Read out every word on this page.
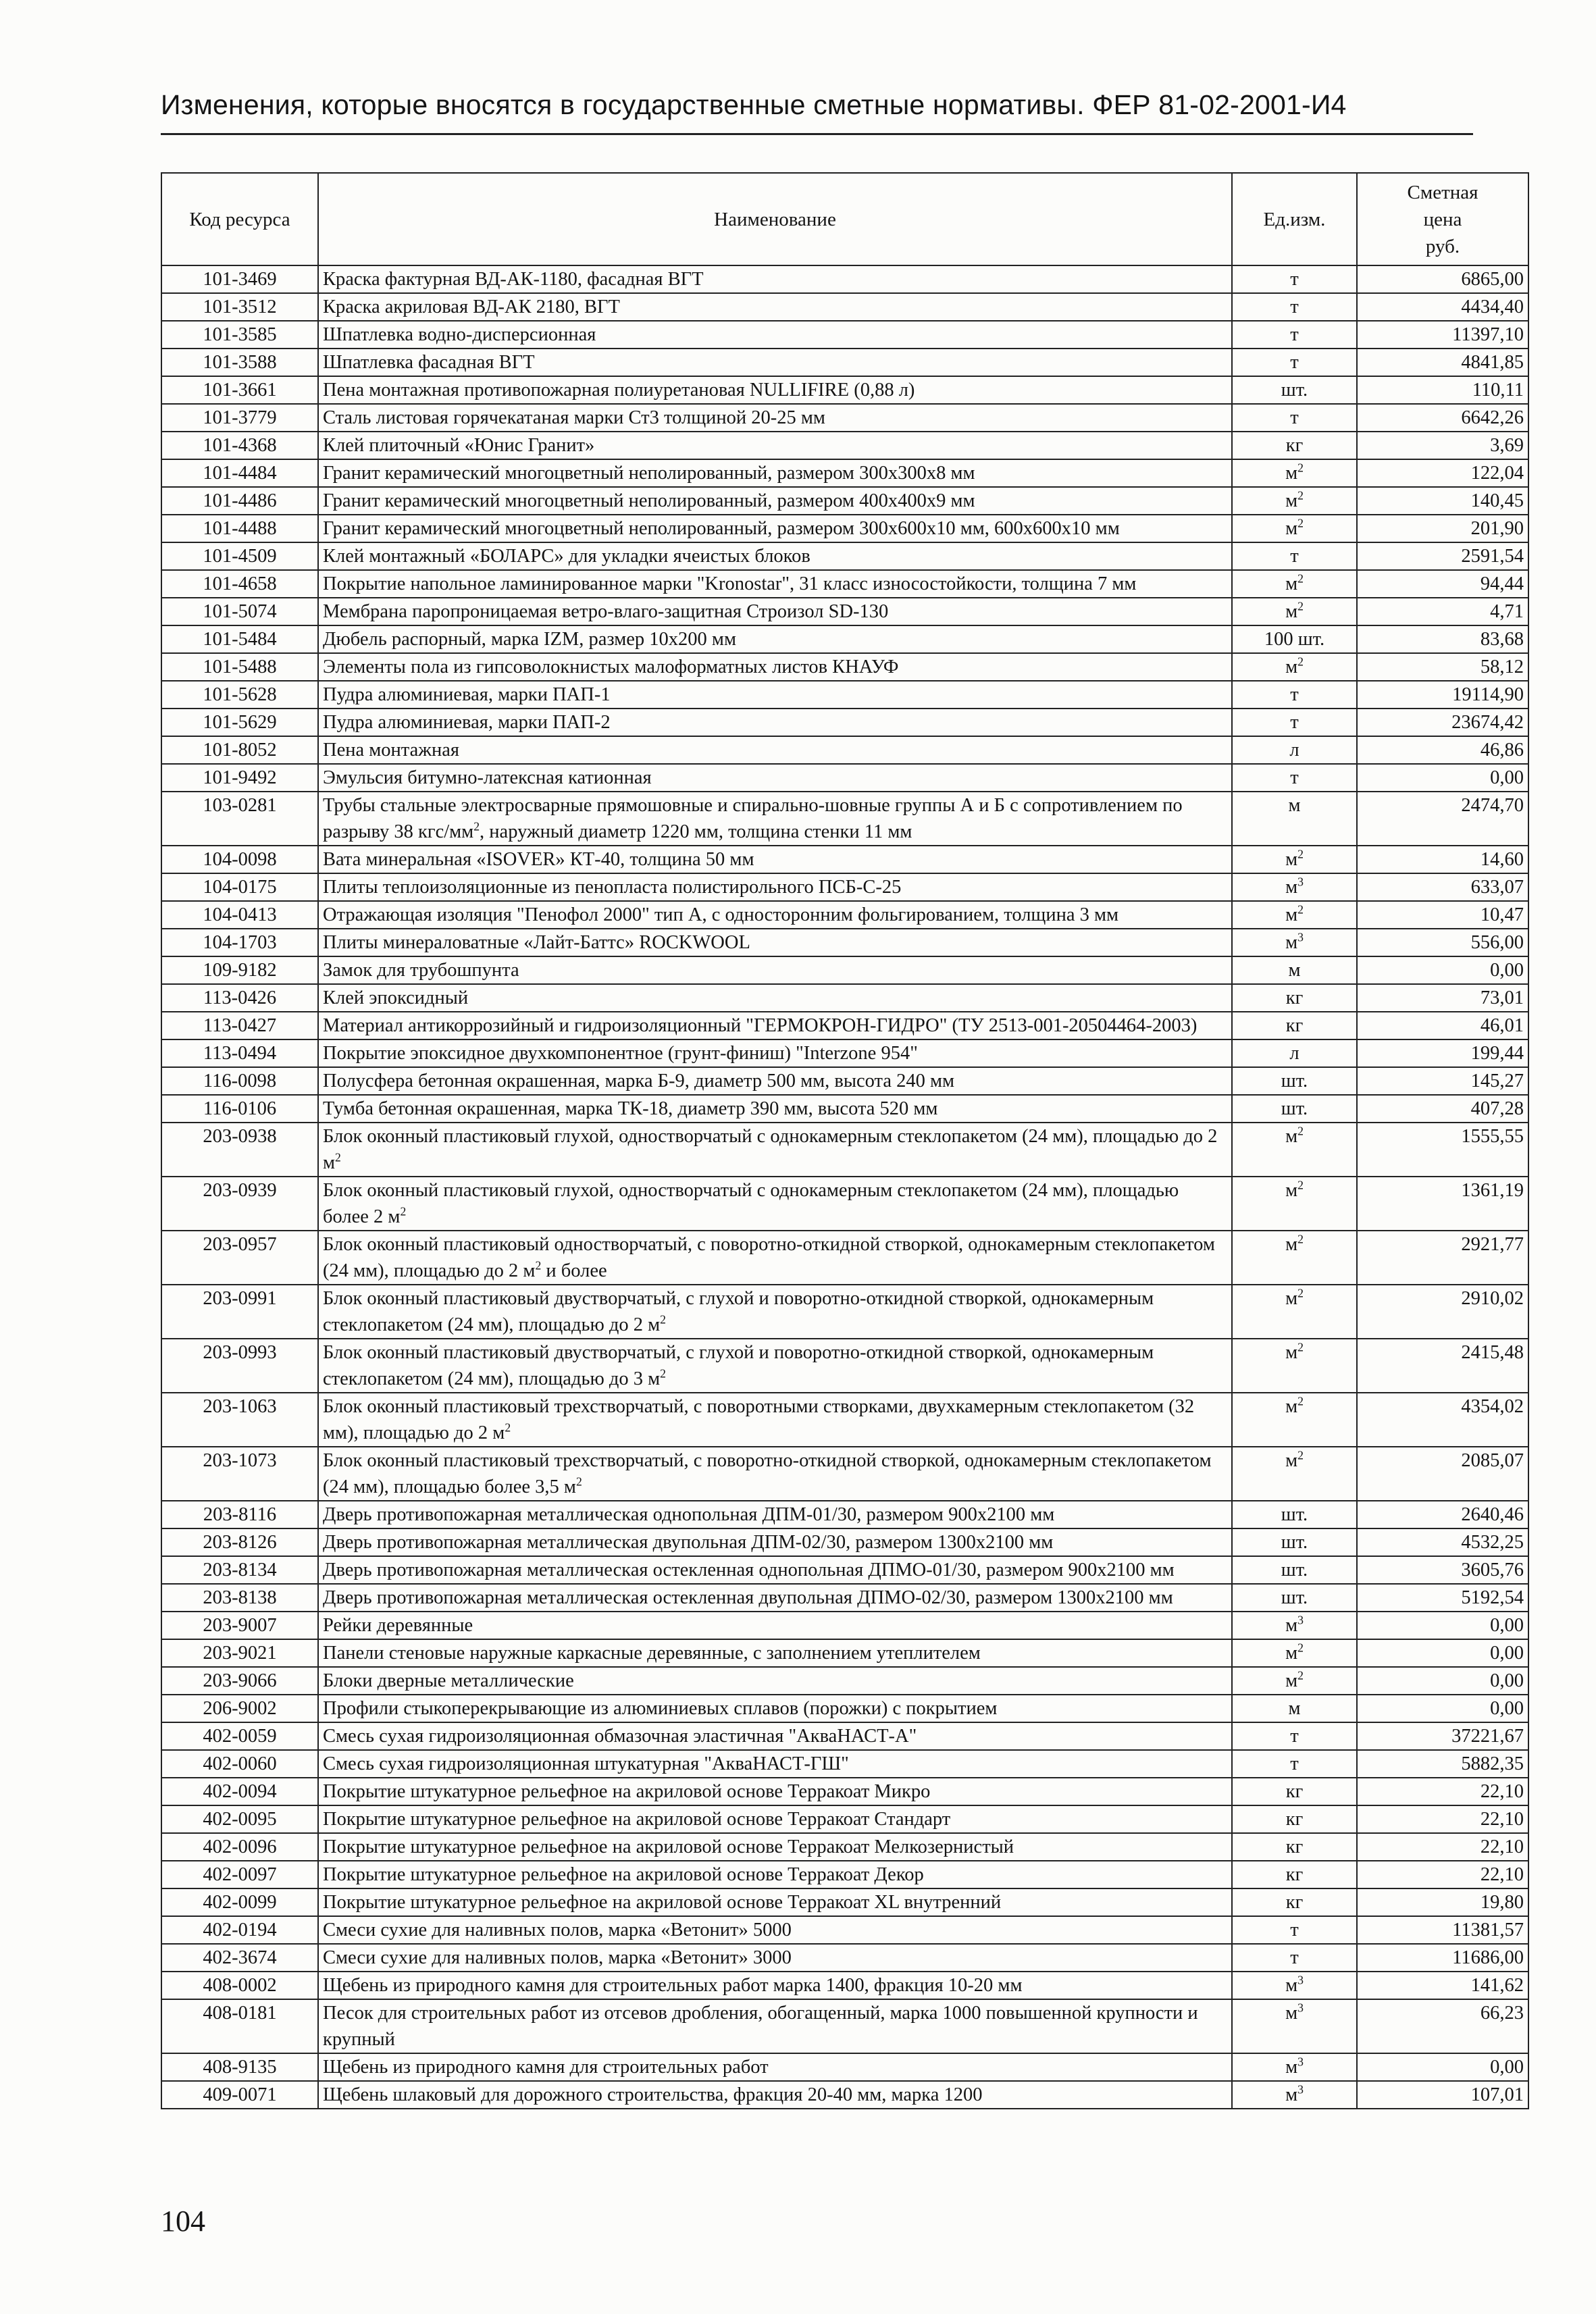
Изменения, которые вносятся в государственные сметные нормативы. ФЕР 81-02-2001-И4
Код ресурса	Наименование	Ед.изм.	Сметная
цена
руб.

101-3469	Краска фактурная ВД-АК-1180, фасадная ВГТ	т	6865,00
101-3512	Краска акриловая ВД-АК 2180, ВГТ	т	4434,40
101-3585	Шпатлевка водно-дисперсионная	т	11397,10
101-3588	Шпатлевка фасадная ВГТ	т	4841,85
101-3661	Пена монтажная противопожарная полиуретановая NULLIFIRE (0,88 л)	шт.	110,11
101-3779	Сталь листовая горячекатаная марки Ст3 толщиной 20-25 мм	т	6642,26
101-4368	Клей плиточный «Юнис Гранит»	кг	3,69
101-4484	Гранит керамический многоцветный неполированный, размером 300х300х8 мм	$м^2$	122,04
101-4486	Гранит керамический многоцветный неполированный, размером 400х400х9 мм	$м^2$	140,45
101-4488	Гранит керамический многоцветный неполированный, размером 300х600х10 мм, 600х600х10 мм	$м^2$	201,90
101-4509	Клей монтажный «БОЛАРС» для укладки ячеистых блоков	т	2591,54
101-4658	Покрытие напольное ламинированное марки "Kronostar", 31 класс износостойкости, толщина 7 мм	$м^2$	94,44
101-5074	Мембрана паропроницаемая ветро-влаго-защитная Строизол SD-130	$м^2$	4,71
101-5484	Дюбель распорный, марка IZM, размер 10х200 мм	100 шт.	83,68
101-5488	Элементы пола из гипсоволокнистых малоформатных листов КНАУФ	$м^2$	58,12
101-5628	Пудра алюминиевая, марки ПАП-1	т	19114,90
101-5629	Пудра алюминиевая, марки ПАП-2	т	23674,42
101-8052	Пена монтажная	л	46,86
101-9492	Эмульсия битумно-латексная катионная	т	0,00
103-0281	Трубы стальные электросварные прямошовные и спирально-шовные группы А и Б с сопротивлением по разрыву 38 кгс/$мм^2$, наружный диаметр 1220 мм, толщина стенки 11 мм	м	2474,70
104-0098	Вата минеральная «ISOVER» КТ-40, толщина 50 мм	$м^2$	14,60
104-0175	Плиты теплоизоляционные из пенопласта полистирольного ПСБ-С-25	$м^3$	633,07
104-0413	Отражающая изоляция "Пенофол 2000" тип А, с односторонним фольгированием, толщина 3 мм	$м^2$	10,47
104-1703	Плиты минераловатные «Лайт-Баттс» ROCKWOOL	$м^3$	556,00
109-9182	Замок для трубошпунта	м	0,00
113-0426	Клей эпоксидный	кг	73,01
113-0427	Материал антикоррозийный и гидроизоляционный "ГЕРМОКРОН-ГИДРО" (ТУ 2513-001-20504464-2003)	кг	46,01
113-0494	Покрытие эпоксидное двухкомпонентное (грунт-финиш) "Interzone 954"	л	199,44
116-0098	Полусфера бетонная окрашенная, марка Б-9, диаметр 500 мм, высота 240 мм	шт.	145,27
116-0106	Тумба бетонная окрашенная, марка ТК-18, диаметр 390 мм, высота 520 мм	шт.	407,28
203-0938	Блок оконный пластиковый глухой, одностворчатый с однокамерным стеклопакетом (24 мм), площадью до 2 $м^2$	$м^2$	1555,55
203-0939	Блок оконный пластиковый глухой, одностворчатый с однокамерным стеклопакетом (24 мм), площадью более 2 $м^2$	$м^2$	1361,19
203-0957	Блок оконный пластиковый одностворчатый, с поворотно-откидной створкой, однокамерным стеклопакетом (24 мм), площадью до 2 $м^2$ и более	$м^2$	2921,77
203-0991	Блок оконный пластиковый двустворчатый, с глухой и поворотно-откидной створкой, однокамерным стеклопакетом (24 мм), площадью до 2 $м^2$	$м^2$	2910,02
203-0993	Блок оконный пластиковый двустворчатый, с глухой и поворотно-откидной створкой, однокамерным стеклопакетом (24 мм), площадью до 3 $м^2$	$м^2$	2415,48
203-1063	Блок оконный пластиковый трехстворчатый, с поворотными створками, двухкамерным стеклопакетом (32 мм), площадью до 2 $м^2$	$м^2$	4354,02
203-1073	Блок оконный пластиковый трехстворчатый, с поворотно-откидной створкой, однокамерным стеклопакетом (24 мм), площадью более 3,5 $м^2$	$м^2$	2085,07
203-8116	Дверь противопожарная металлическая однопольная ДПМ-01/30, размером 900х2100 мм	шт.	2640,46
203-8126	Дверь противопожарная металлическая двупольная ДПМ-02/30, размером 1300х2100 мм	шт.	4532,25
203-8134	Дверь противопожарная металлическая остекленная однопольная ДПМО-01/30, размером 900х2100 мм	шт.	3605,76
203-8138	Дверь противопожарная металлическая остекленная двупольная ДПМО-02/30, размером 1300х2100 мм	шт.	5192,54
203-9007	Рейки деревянные	$м^3$	0,00
203-9021	Панели стеновые наружные каркасные деревянные, с заполнением утеплителем	$м^2$	0,00
203-9066	Блоки дверные металлические	$м^2$	0,00
206-9002	Профили стыкоперекрывающие из алюминиевых сплавов (порожки) с покрытием	м	0,00
402-0059	Смесь сухая гидроизоляционная обмазочная эластичная "АкваНАСТ-А"	т	37221,67
402-0060	Смесь сухая гидроизоляционная штукатурная "АкваНАСТ-ГШ"	т	5882,35
402-0094	Покрытие штукатурное рельефное на акриловой основе Терракоат Микро	кг	22,10
402-0095	Покрытие штукатурное рельефное на акриловой основе Терракоат Стандарт	кг	22,10
402-0096	Покрытие штукатурное рельефное на акриловой основе Терракоат Мелкозернистый	кг	22,10
402-0097	Покрытие штукатурное рельефное на акриловой основе Терракоат Декор	кг	22,10
402-0099	Покрытие штукатурное рельефное на акриловой основе Терракоат XL внутренний	кг	19,80
402-0194	Смеси сухие для наливных полов, марка «Ветонит» 5000	т	11381,57
402-3674	Смеси сухие для наливных полов, марка «Ветонит» 3000	т	11686,00
408-0002	Щебень из природного камня для строительных работ марка 1400, фракция 10-20 мм	$м^3$	141,62
408-0181	Песок для строительных работ из отсевов дробления, обогащенный, марка 1000 повышенной крупности и крупный	$м^3$	66,23
408-9135	Щебень из природного камня для строительных работ	$м^3$	0,00
409-0071	Щебень шлаковый для дорожного строительства, фракция 20-40 мм, марка 1200	$м^3$	107,01
104
